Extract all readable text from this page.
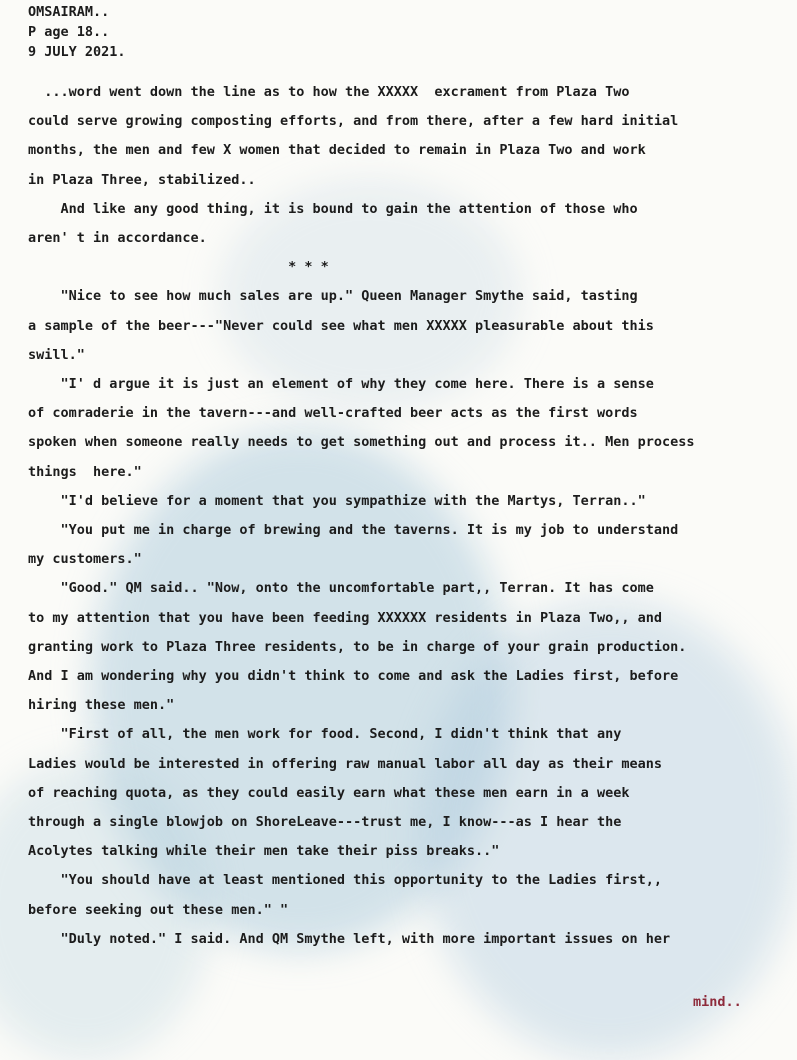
OMSAIRAM..
P age 18..
9 JULY 2021.
...word went down the line as to how the XXXXX  excrament from Plaza Two
could serve growing composting efforts, and from there, after a few hard initial
months, the men and few X women that decided to remain in Plaza Two and work
in Plaza Three, stabilized..
And like any good thing, it is bound to gain the attention of those who
aren' t in accordance.
* * *
"Nice to see how much sales are up." Queen Manager Smythe said, tasting
a sample of the beer---"Never could see what men XXXXX pleasurable about this
swill."
"I' d argue it is just an element of why they come here. There is a sense
of comraderie in the tavern---and well-crafted beer acts as the first words
spoken when someone really needs to get something out and process it.. Men process
things  here."
"I'd believe for a moment that you sympathize with the Martys, Terran.."
"You put me in charge of brewing and the taverns. It is my job to understand
my customers."
"Good." QM said.. "Now, onto the uncomfortable part,, Terran. It has come
to my attention that you have been feeding XXXXXX residents in Plaza Two,, and
granting work to Plaza Three residents, to be in charge of your grain production.
And I am wondering why you didn't think to come and ask the Ladies first, before
hiring these men."
"First of all, the men work for food. Second, I didn't think that any
Ladies would be interested in offering raw manual labor all day as their means
of reaching quota, as they could easily earn what these men earn in a week
through a single blowjob on ShoreLeave---trust me, I know---as I hear the
Acolytes talking while their men take their piss breaks.."
"You should have at least mentioned this opportunity to the Ladies first,,
before seeking out these men." "
"Duly noted." I said. And QM Smythe left, with more important issues on her
mind..
